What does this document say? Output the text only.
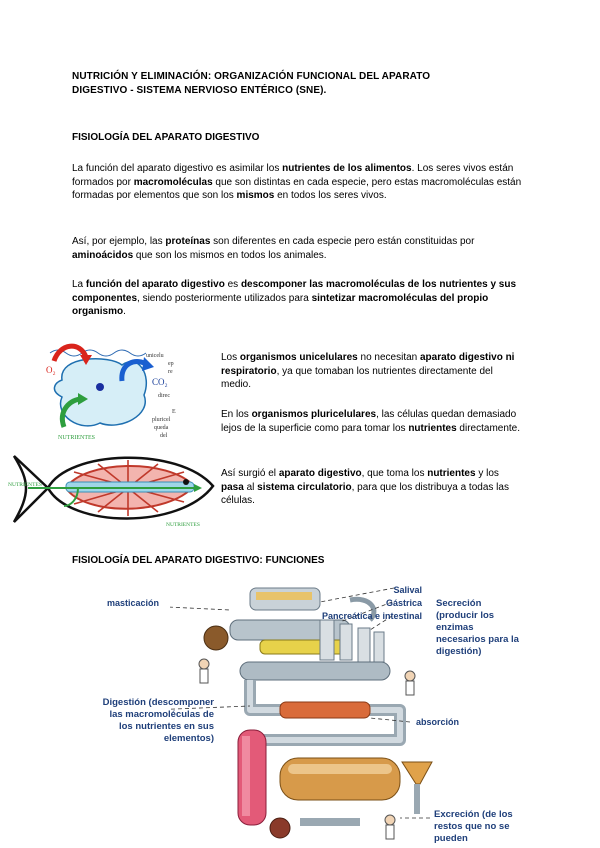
NUTRICIÓN Y ELIMINACIÓN: ORGANIZACIÓN FUNCIONAL DEL APARATO
DIGESTIVO - SISTEMA NERVIOSO ENTÉRICO (SNE).
FISIOLOGÍA DEL APARATO DIGESTIVO
La función del aparato digestivo es asimilar los nutrientes de los alimentos. Los seres vivos están formados por macromoléculas que son distintas en cada especie, pero estas macromoléculas están formadas por elementos que son los mismos en todos los seres vivos.
Así, por ejemplo, las proteínas son diferentes en cada especie pero están constituidas por aminoácidos que son los mismos en todos los animales.
La función del aparato digestivo es descomponer las macromoléculas de los nutrientes y sus componentes, siendo posteriormente utilizados para sintetizar macromoléculas del propio organismo.
O₂
CO₂
NUTRIENTES
unicelu
ep
re
direc
E
pluricel
queda
del
NUTRIENTES
NUTRIENTES
Los organismos unicelulares no necesitan aparato digestivo ni respiratorio, ya que tomaban los nutrientes directamente del medio.
En los organismos pluricelulares, las células quedan demasiado lejos de la superficie como para tomar los nutrientes directamente.
Así surgió el aparato digestivo, que toma los nutrientes y los pasa al sistema circulatorio, para que los distribuya a todas las células.
FISIOLOGÍA DEL APARATO DIGESTIVO: FUNCIONES
masticación
Salival
Gástrica
Pancreática e intestinal
Secreción (producir los enzimas necesarios para la digestión)
Digestión (descomponer las macromoléculas de los nutrientes en sus elementos)
absorción
Excreción (de los restos que no se pueden
